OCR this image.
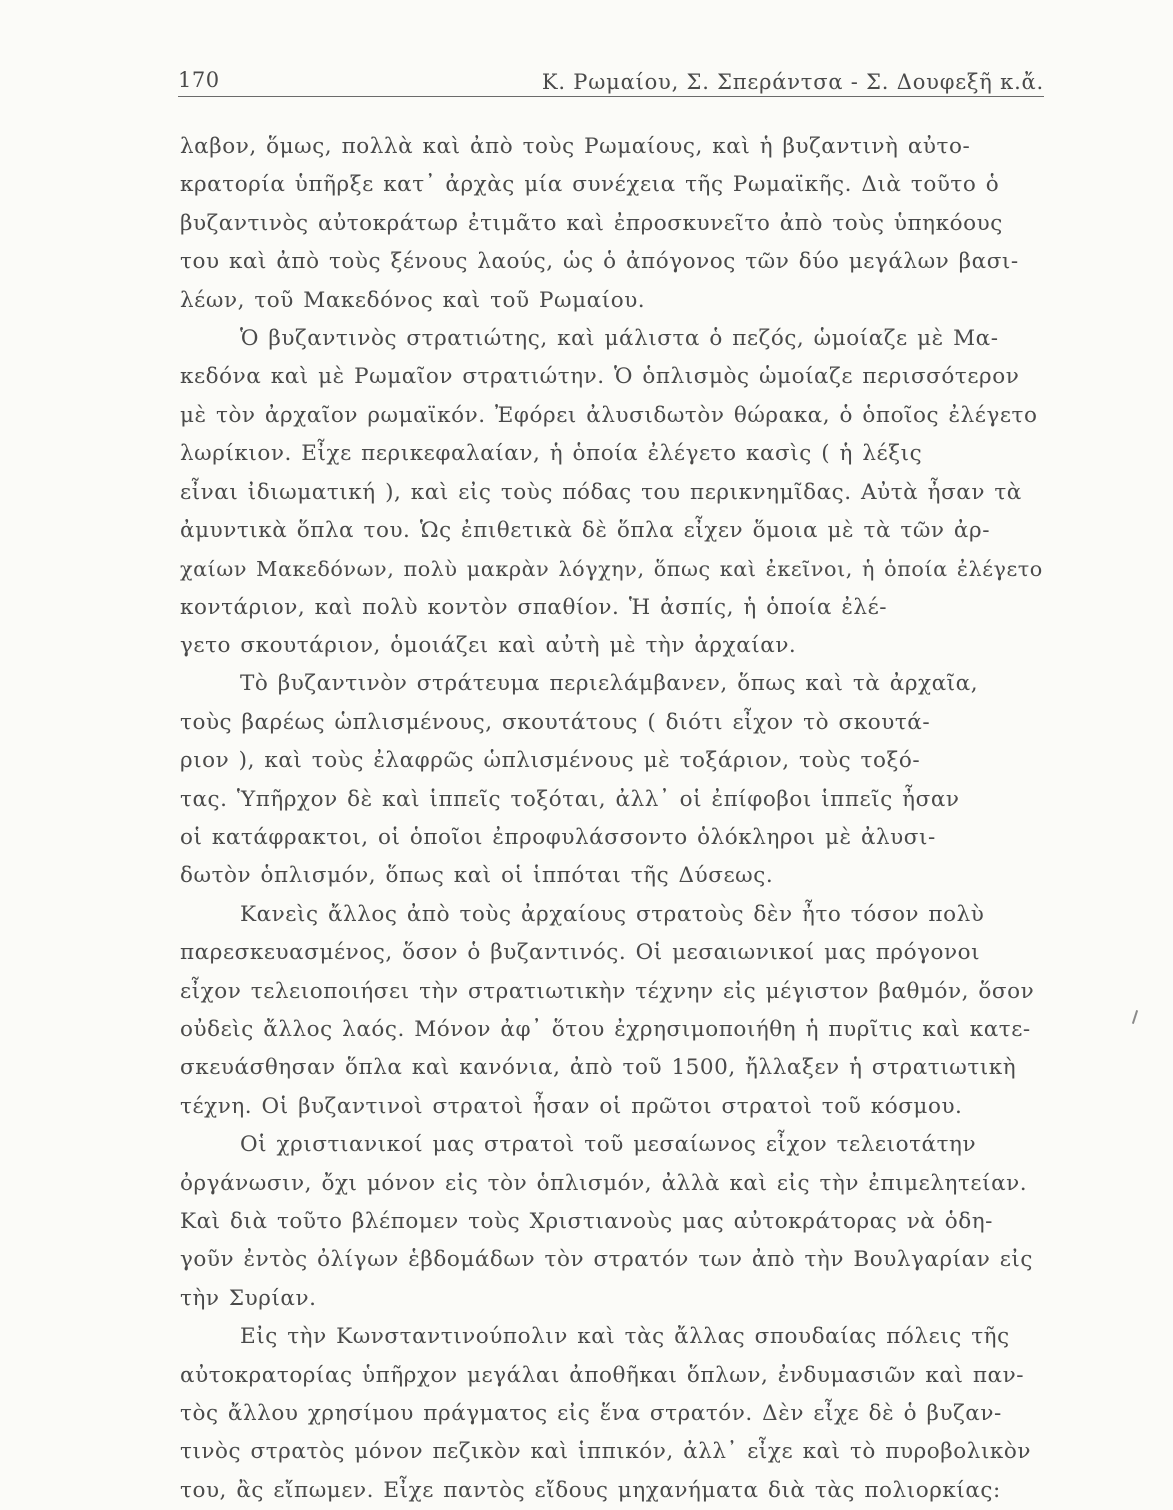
170	Κ. Ρωμαίου, Σ. Σπεράντσα - Σ. Δουφεξῆ κ.ἄ.
λαβον, ὅμως, πολλὰ καὶ ἀπὸ τοὺς Ρωμαίους, καὶ ἡ βυζαντινὴ αὐτο-
κρατορία ὑπῆρξε κατ᾽ ἀρχὰς μία συνέχεια τῆς Ρωμαϊκῆς. Διὰ τοῦτο ὁ
βυζαντινὸς αὐτοκράτωρ ἐτιμᾶτο καὶ ἐπροσκυνεῖτο ἀπὸ τοὺς ὑπηκόους
του καὶ ἀπὸ τοὺς ξένους λαούς, ὡς ὁ ἀπόγονος τῶν δύο μεγάλων βασι-
λέων, τοῦ Μακεδόνος καὶ τοῦ Ρωμαίου.
Ὁ βυζαντινὸς στρατιώτης, καὶ μάλιστα ὁ πεζός, ὡμοίαζε μὲ Μα-
κεδόνα καὶ μὲ Ρωμαῖον στρατιώτην. Ὁ ὁπλισμὸς ὡμοίαζε περισσότερον
μὲ τὸν ἀρχαῖον ρωμαϊκόν. Ἐφόρει ἀλυσιδωτὸν θώρακα, ὁ ὁποῖος ἐλέγετο
λωρίκιον. Εἶχε περικεφαλαίαν, ἡ ὁποία ἐλέγετο κασὶς ( ἡ λέξις
εἶναι ἰδιωματική ), καὶ εἰς τοὺς πόδας του περικνημῖδας. Αὐτὰ ἦσαν τὰ
ἀμυντικὰ ὅπλα του. Ὡς ἐπιθετικὰ δὲ ὅπλα εἶχεν ὅμοια μὲ τὰ τῶν ἀρ-
χαίων Μακεδόνων, πολὺ μακρὰν λόγχην, ὅπως καὶ ἐκεῖνοι, ἡ ὁποία ἐλέγετο
κοντάριον, καὶ πολὺ κοντὸν σπαθίον. Ἡ ἀσπίς, ἡ ὁποία ἐλέ-
γετο σκουτάριον, ὁμοιάζει καὶ αὐτὴ μὲ τὴν ἀρχαίαν.
Τὸ βυζαντινὸν στράτευμα περιελάμβανεν, ὅπως καὶ τὰ ἀρχαῖα,
τοὺς βαρέως ὡπλισμένους, σκουτάτους ( διότι εἶχον τὸ σκουτά-
ριον ), καὶ τοὺς ἐλαφρῶς ὡπλισμένους μὲ τοξάριον, τοὺς τοξό-
τας. Ὑπῆρχον δὲ καὶ ἱππεῖς τοξόται, ἀλλ᾽ οἱ ἐπίφοβοι ἱππεῖς ἦσαν
οἱ κατάφρακτοι, οἱ ὁποῖοι ἐπροφυλάσσοντο ὁλόκληροι μὲ ἀλυσι-
δωτὸν ὁπλισμόν, ὅπως καὶ οἱ ἱππόται τῆς Δύσεως.
Κανεὶς ἄλλος ἀπὸ τοὺς ἀρχαίους στρατοὺς δὲν ἦτο τόσον πολὺ
παρεσκευασμένος, ὅσον ὁ βυζαντινός. Οἱ μεσαιωνικοί μας πρόγονοι
εἶχον τελειοποιήσει τὴν στρατιωτικὴν τέχνην εἰς μέγιστον βαθμόν, ὅσον
οὐδεὶς ἄλλος λαός. Μόνον ἀφ᾽ ὅτου ἐχρησιμοποιήθη ἡ πυρῖτις καὶ κατε-
σκευάσθησαν ὅπλα καὶ κανόνια, ἀπὸ τοῦ 1500, ἤλλαξεν ἡ στρατιωτικὴ
τέχνη. Οἱ βυζαντινοὶ στρατοὶ ἦσαν οἱ πρῶτοι στρατοὶ τοῦ κόσμου.
Οἱ χριστιανικοί μας στρατοὶ τοῦ μεσαίωνος εἶχον τελειοτάτην
ὀργάνωσιν, ὄχι μόνον εἰς τὸν ὁπλισμόν, ἀλλὰ καὶ εἰς τὴν ἐπιμελητείαν.
Καὶ διὰ τοῦτο βλέπομεν τοὺς Χριστιανοὺς μας αὐτοκράτορας νὰ ὁδη-
γοῦν ἐντὸς ὀλίγων ἑβδομάδων τὸν στρατόν των ἀπὸ τὴν Βουλγαρίαν εἰς
τὴν Συρίαν.
Εἰς τὴν Κωνσταντινούπολιν καὶ τὰς ἄλλας σπουδαίας πόλεις τῆς
αὐτοκρατορίας ὑπῆρχον μεγάλαι ἀποθῆκαι ὅπλων, ἐνδυμασιῶν καὶ παν-
τὸς ἄλλου χρησίμου πράγματος εἰς ἕνα στρατόν. Δὲν εἶχε δὲ ὁ βυζαν-
τινὸς στρατὸς μόνον πεζικὸν καὶ ἱππικόν, ἀλλ᾽ εἶχε καὶ τὸ πυροβολικὸν
του, ἂς εἴπωμεν. Εἶχε παντὸς εἴδους μηχανήματα διὰ τὰς πολιορκίας:
